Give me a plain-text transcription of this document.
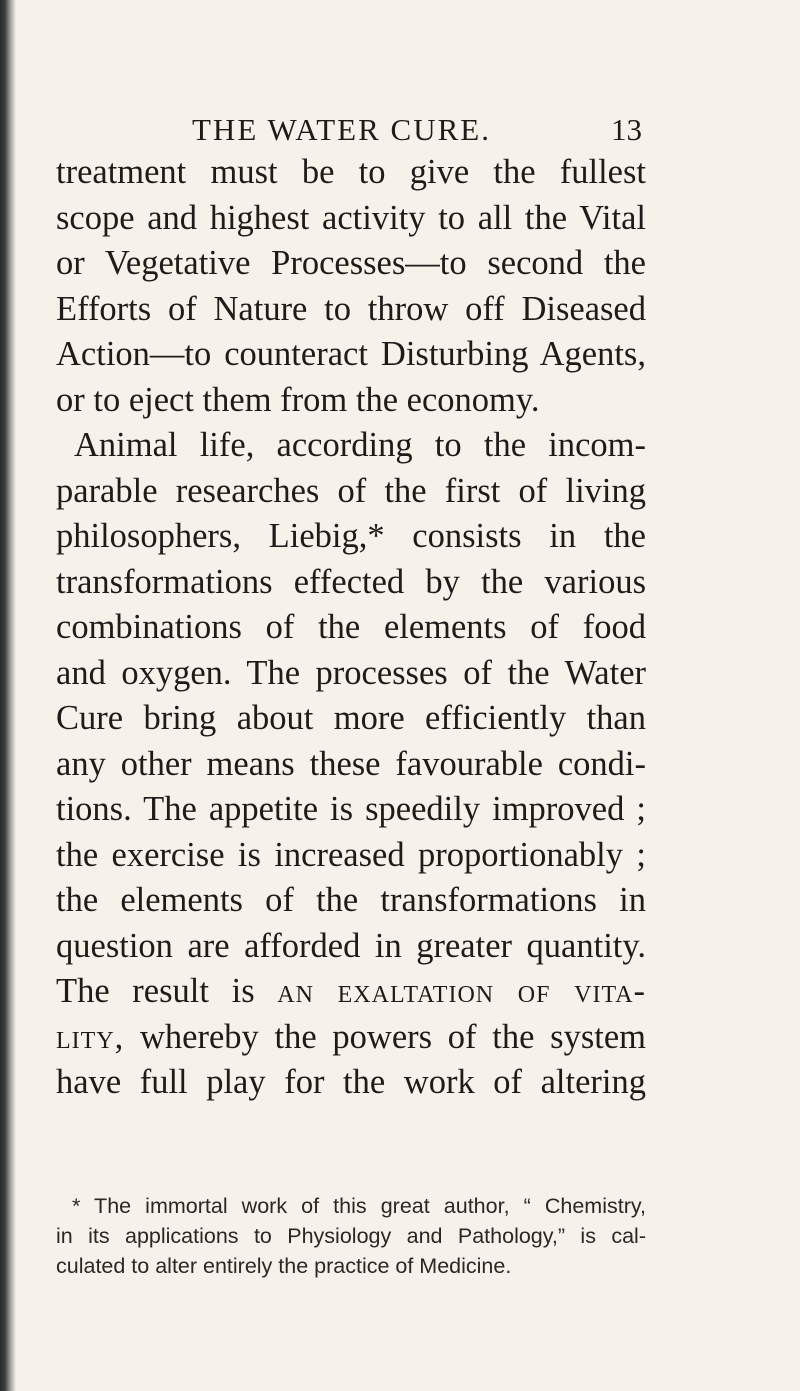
THE WATER CURE.	13
treatment must be to give the fullest
scope and highest activity to all the Vital
or Vegetative Processes—to second the
Efforts of Nature to throw off Diseased
Action—to counteract Disturbing Agents,
or to eject them from the economy.
Animal life, according to the incom-
parable researches of the first of living
philosophers, Liebig,* consists in the
transformations effected by the various
combinations of the elements of food
and oxygen. The processes of the Water
Cure bring about more efficiently than
any other means these favourable condi-
tions. The appetite is speedily improved ;
the exercise is increased proportionably ;
the elements of the transformations in
question are afforded in greater quantity.
The result is an exaltation of vita-
lity, whereby the powers of the system
have full play for the work of altering
* The immortal work of this great author, “ Chemistry,
in its applications to Physiology and Pathology,” is cal-
culated to alter entirely the practice of Medicine.
